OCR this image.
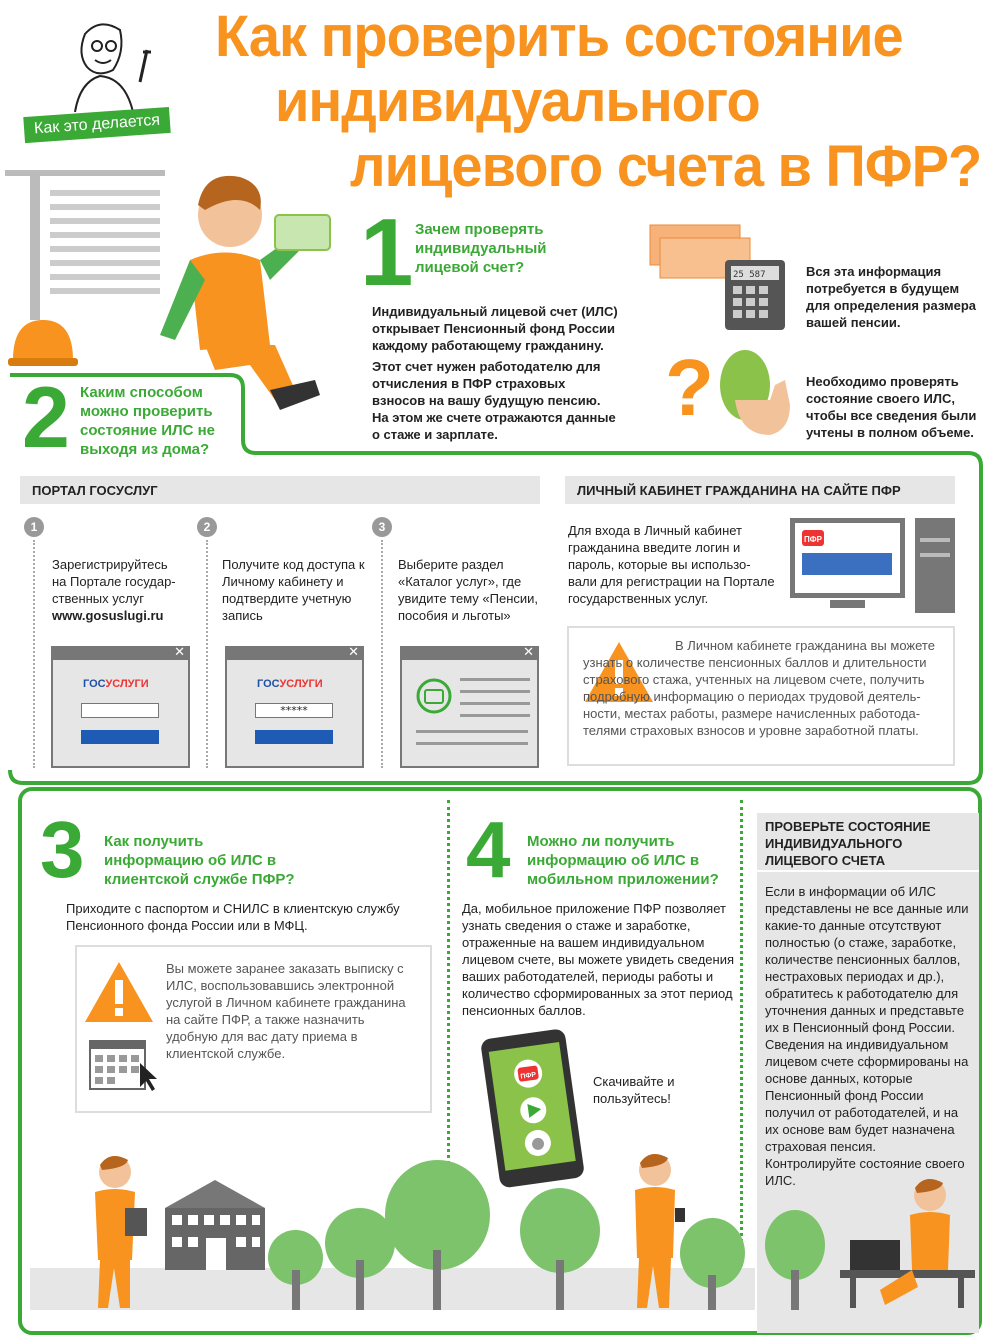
Как проверить состояние
индивидуального
лицевого счета в ПФР?
Как это делается
1 Зачем проверять индивидуальный лицевой счет?
Индивидуальный лицевой счет (ИЛС) открывает Пенсионный фонд России каждому работающему гражданину.
Этот счет нужен работодателю для отчисления в ПФР страховых взносов на вашу будущую пенсию. На этом же счете отражаются данные о стаже и зарплате.
25 587	Вся эта информация потребуется в будущем для определения размера вашей пенсии.
?	Необходимо проверять состояние своего ИЛС, чтобы все сведения были учтены в полном объеме.
2 Каким способом можно проверить состояние ИЛС не выходя из дома?
ПОРТАЛ ГОСУСЛУГ	ЛИЧНЫЙ КАБИНЕТ ГРАЖДАНИНА НА САЙТЕ ПФР
1
Зарегистрируйтесь на Портале государ-ственных услуг
www.gosuslugi.ru
2
Получите код доступа к Личному кабинету и подтвердите учетную запись
3
Выберите раздел «Каталог услуг», где увидите тему «Пенсии, пособия и льготы»
✕
ГОСУСЛУГИ
✕
ГОСУСЛУГИ
*****
✕
Для входа в Личный кабинет гражданина введите логин и пароль, которые вы использо-вали для регистрации на Портале государственных услуг.
ПФР
В Личном кабинете гражданина вы можете узнать о количестве пенсионных баллов и длительности страхового стажа, учтенных на лицевом счете, получить подробную информацию о периодах трудовой деятель-ности, местах работы, размере начисленных работода-телями страховых взносов и уровне заработной платы.
3 Как получить информацию об ИЛС в клиентской службе ПФР?
Приходите с паспортом и СНИЛС в клиентскую службу Пенсионного фонда России или в МФЦ.
Вы можете заранее заказать выписку с ИЛС, воспользовавшись электронной услугой в Личном кабинете гражданина на сайте ПФР, а также назначить удобную для вас дату приема в клиентской службе.
4 Можно ли получить информацию об ИЛС в мобильном приложении?
Да, мобильное приложение ПФР позволяет узнать сведения о стаже и заработке, отраженные на вашем индивидуальном лицевом счете, вы можете увидеть сведения ваших работодателей, периоды работы и количество сформированных за этот период пенсионных баллов.
ПФР	Скачивайте и пользуйтесь!
ПРОВЕРЬТЕ СОСТОЯНИЕ ИНДИВИДУАЛЬНОГО ЛИЦЕВОГО СЧЕТА
Если в информации об ИЛС представлены не все данные или какие-то данные отсутствуют полностью (о стаже, заработке, количестве пенсионных баллов, нестраховых периодах и др.), обратитесь к работодателю для уточнения данных и представьте их в Пенсионный фонд России. Сведения на индивидуальном лицевом счете сформированы на основе данных, которые Пенсионный фонд России получил от работодателей, и на их основе вам будет назначена страховая пенсия. Контролируйте состояние своего ИЛС.
